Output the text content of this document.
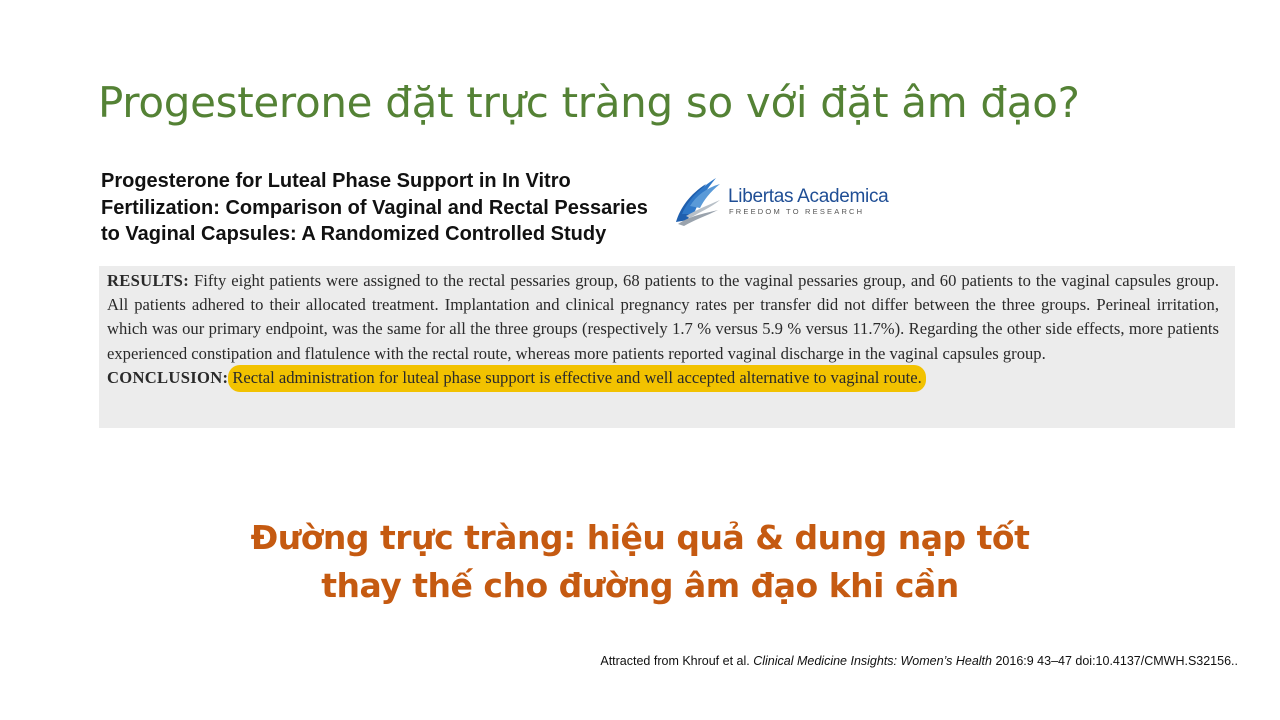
Progesterone đặt trực tràng so với đặt âm đạo?
Progesterone for Luteal Phase Support in In Vitro
Fertilization: Comparison of Vaginal and Rectal Pessaries
to Vaginal Capsules: A Randomized Controlled Study
Libertas Academica
FREEDOM TO RESEARCH
RESULTS: Fifty eight patients were assigned to the rectal pessaries group, 68 patients to the vaginal pessaries group, and 60 patients to the vaginal capsules group. All patients adhered to their allocated treatment. Implantation and clinical pregnancy rates per transfer did not differ between the three groups. Perineal irritation, which was our primary endpoint, was the same for all the three groups (respectively 1.7 % versus 5.9 % versus 11.7%). Regarding the other side effects, more patients experienced constipation and flatulence with the rectal route, whereas more patients reported vaginal discharge in the vaginal capsules group.
CONCLUSION: Rectal administration for luteal phase support is effective and well accepted alternative to vaginal route.
Đường trực tràng: hiệu quả & dung nạp tốt
thay thế cho đường âm đạo khi cần
Attracted from Khrouf et al. Clinical Medicine Insights: Women’s Health 2016:9 43–47 doi:10.4137/CMWH.S32156..
